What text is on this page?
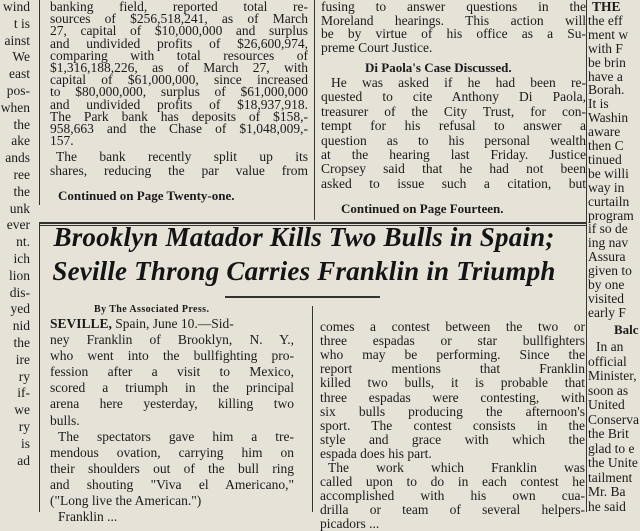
wind
t is
ainst
We
east
pos-
when
the
ake
ands
ree
the
unk
ever
nt.
ich
lion
dis-
yed
nid
the
ire
ry
if-
we
ry
is
ad
banking field, reported total re-
sources of $256,518,241, as of March
27, capital of $10,000,000 and surplus
and undivided profits of $26,600,974,
comparing with total resources of
$1,316,188,226, as of March 27, with
capital of $61,000,000, since increased
to $80,000,000, surplus of $61,000,000
and undivided profits of $18,937,918.
The Park bank has deposits of $158,-
958,663 and the Chase of $1,048,009,-
157.
The bank recently split up its
shares, reducing the par value from
Continued on Page Twenty-one.
fusing to answer questions in the
Moreland hearings. This action will
be by virtue of his office as a Su-
preme Court Justice.
Di Paola's Case Discussed.
He was asked if he had been re-
quested to cite Anthony Di Paola,
treasurer of the City Trust, for con-
tempt for his refusal to answer a
question as to his personal wealth
at the hearing last Friday. Justice
Cropsey said that he had not been
asked to issue such a citation, but
Continued on Page Fourteen.
Brooklyn Matador Kills Two Bulls in Spain;
Seville Throng Carries Franklin in Triumph
By The Associated Press.
SEVILLE, Spain, June 10.—Sid-
ney Franklin of Brooklyn, N. Y.,
who went into the bullfighting pro-
fession after a visit to Mexico,
scored a triumph in the principal
arena here yesterday, killing two
bulls.
The spectators gave him a tre-
mendous ovation, carrying him on
their shoulders out of the bull ring
and shouting "Viva el Americano,"
("Long live the American.")
Franklin ...
comes a contest between the two or
three espadas or star bullfighters
who may be performing. Since the
report mentions that Franklin
killed two bulls, it is probable that
three espadas were contesting, with
six bulls producing the afternoon's
sport. The contest consists in the
style and grace with which the
espada does his part.
The work which Franklin was
called upon to do in each contest he
accomplished with his own cua-
drilla or team of several helpers-
picadors ...
THE
the eff
ment w
with F
be brin
have a
Borah.
It is
Washin
aware
then C
tinued
be willi
way in
curtailn
program
if so de
ing nav
Assura
given to
by one
visited
early F
Balc
In an
official
Minister,
soon as
United
Conserva
the Brit
glad to e
the Unite
tailment
Mr. Ba
he said
